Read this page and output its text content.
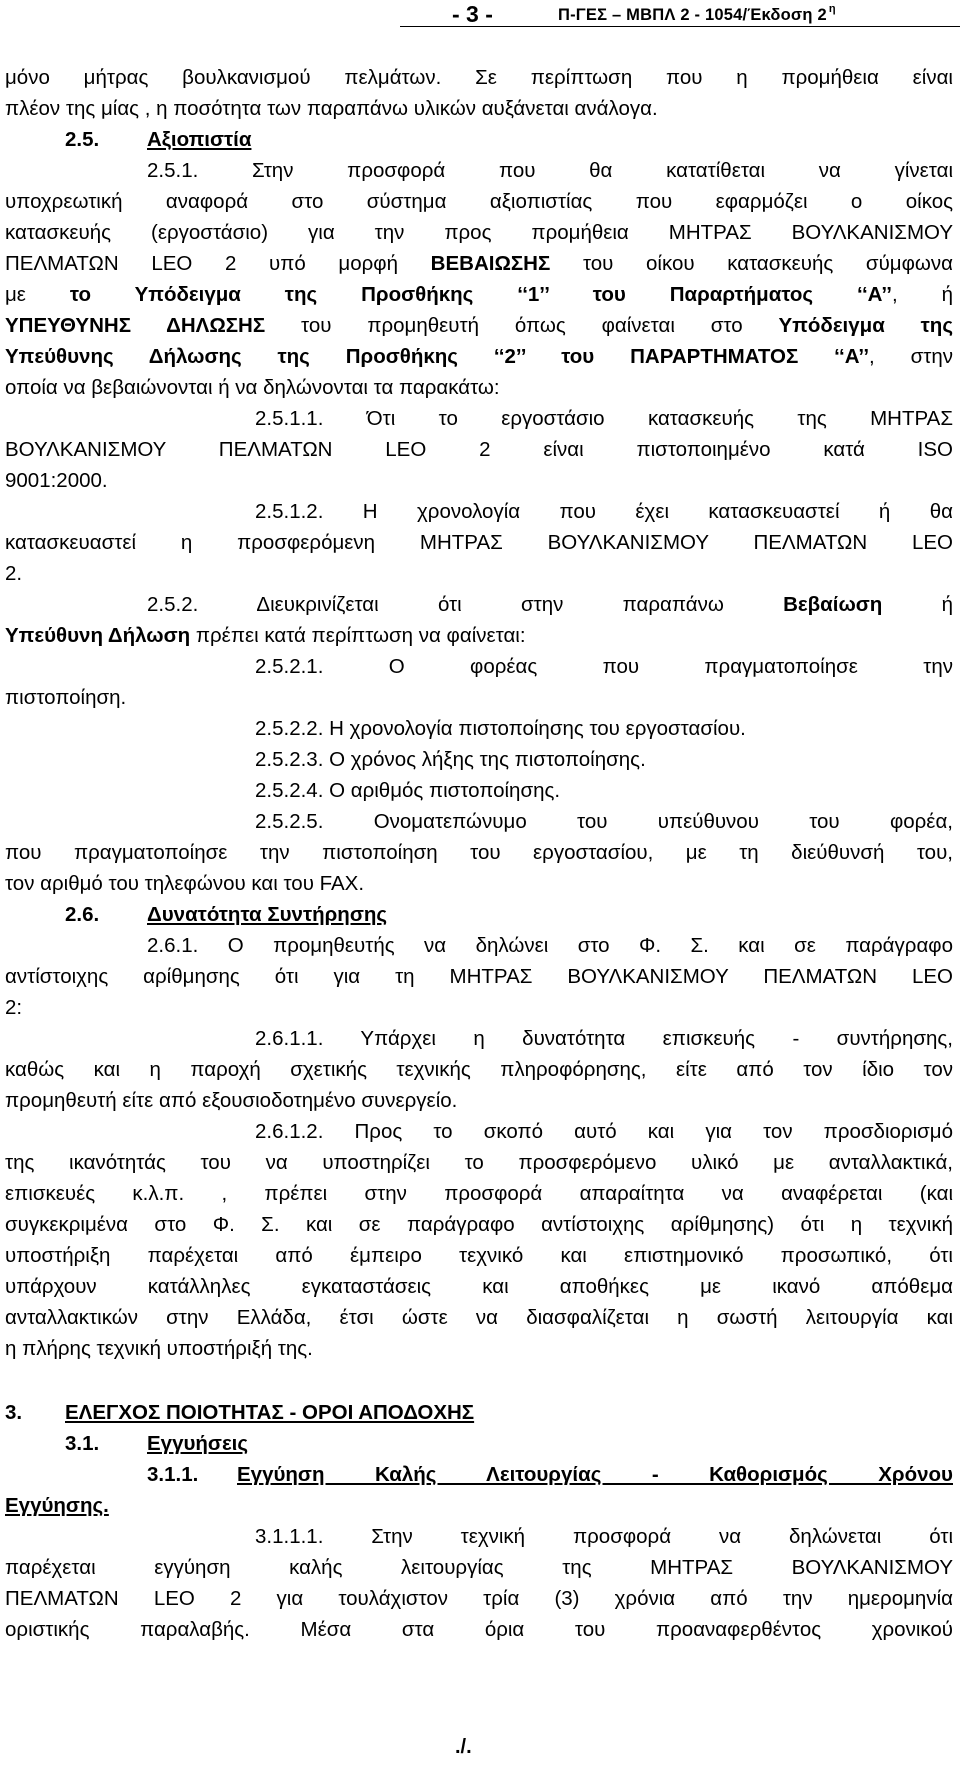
- 3 -	Π-ΓΕΣ – ΜΒΠΛ 2 - 1054/Έκδοση 2 $^\eta$
μόνο μήτρας βουλκανισμού πελμάτων. Σε περίπτωση που η προμήθεια είναι
πλέον της μίας , η ποσότητα των παραπάνω υλικών αυξάνεται ανάλογα.
2.5. Αξιοπιστία
2.5.1. Στην προσφορά που θα κατατίθεται να γίνεται
υποχρεωτική αναφορά στο σύστημα αξιοπιστίας που εφαρμόζει ο οίκος
κατασκευής (εργοστάσιο) για την προς προμήθεια ΜΗΤΡΑΣ ΒΟΥΛΚΑΝΙΣΜΟΥ
ΠΕΛΜΑΤΩΝ LEO 2 υπό μορφή ΒΕΒΑΙΩΣΗΣ του οίκου κατασκευής σύμφωνα
με το Υπόδειγμα της Προσθήκης ‘‘1’’ του Παραρτήματος ‘‘Α’’, ή
ΥΠΕΥΘΥΝΗΣ ΔΗΛΩΣΗΣ του προμηθευτή όπως φαίνεται στο Υπόδειγμα της
Υπεύθυνης Δήλωσης της Προσθήκης ‘‘2’’ του ΠΑΡΑΡΤΗΜΑΤΟΣ ‘‘Α’’, στην
οποία να βεβαιώνονται ή να δηλώνονται τα παρακάτω:
2.5.1.1. Ότι το εργοστάσιο κατασκευής της ΜΗΤΡΑΣ
ΒΟΥΛΚΑΝΙΣΜΟΥ ΠΕΛΜΑΤΩΝ LEO 2 είναι πιστοποιημένο κατά ISO
9001:2000.
2.5.1.2. Η χρονολογία που έχει κατασκευαστεί ή θα
κατασκευαστεί η προσφερόμενη ΜΗΤΡΑΣ ΒΟΥΛΚΑΝΙΣΜΟΥ ΠΕΛΜΑΤΩΝ LEO
2.
2.5.2. Διευκρινίζεται ότι στην παραπάνω	Βεβαίωση	ή
Υπεύθυνη Δήλωση πρέπει κατά περίπτωση να φαίνεται:
2.5.2.1. Ο φορέας που πραγματοποίησε την
πιστοποίηση.
2.5.2.2. Η χρονολογία πιστοποίησης του εργοστασίου.
2.5.2.3. Ο χρόνος λήξης της πιστοποίησης.
2.5.2.4. Ο αριθμός πιστοποίησης.
2.5.2.5. Ονοματεπώνυμο του υπεύθυνου του φορέα,
που πραγματοποίησε την πιστοποίηση του εργοστασίου, με τη διεύθυνσή του,
τον αριθμό του τηλεφώνου και του FAX.
2.6. Δυνατότητα Συντήρησης
2.6.1. Ο προμηθευτής να δηλώνει στο Φ. Σ. και σε παράγραφο
αντίστοιχης αρίθμησης ότι για τη ΜΗΤΡΑΣ ΒΟΥΛΚΑΝΙΣΜΟΥ ΠΕΛΜΑΤΩΝ LEO
2:
2.6.1.1. Υπάρχει η δυνατότητα επισκευής - συντήρησης,
καθώς και η παροχή σχετικής τεχνικής πληροφόρησης, είτε από τον ίδιο τον
προμηθευτή είτε από εξουσιοδοτημένο συνεργείο.
2.6.1.2. Προς το σκοπό αυτό και για τον προσδιορισμό
της ικανότητάς του να υποστηρίζει το προσφερόμενο υλικό με ανταλλακτικά,
επισκευές κ.λ.π. , πρέπει στην προσφορά απαραίτητα να αναφέρεται (και
συγκεκριμένα στο Φ. Σ. και σε παράγραφο αντίστοιχης αρίθμησης) ότι η τεχνική
υποστήριξη παρέχεται από έμπειρο τεχνικό και επιστημονικό προσωπικό, ότι
υπάρχουν κατάλληλες εγκαταστάσεις και αποθήκες με ικανό απόθεμα
ανταλλακτικών στην Ελλάδα, έτσι ώστε να διασφαλίζεται η σωστή λειτουργία και
η πλήρης τεχνική υποστήριξή της.
3. ΕΛΕΓΧΟΣ ΠΟΙΟΤΗΤΑΣ - ΟΡΟΙ ΑΠΟΔΟΧΗΣ
3.1. Εγγυήσεις
3.1.1. Εγγύηση Καλής Λειτουργίας - Καθορισμός Χρόνου
Εγγύησης.
3.1.1.1. Στην τεχνική προσφορά να δηλώνεται ότι
παρέχεται εγγύηση καλής λειτουργίας της ΜΗΤΡΑΣ ΒΟΥΛΚΑΝΙΣΜΟΥ
ΠΕΛΜΑΤΩΝ LEO 2 για τουλάχιστον τρία (3) χρόνια από την ημερομηνία
οριστικής παραλαβής. Μέσα στα όρια του προαναφερθέντος χρονικού
./.
